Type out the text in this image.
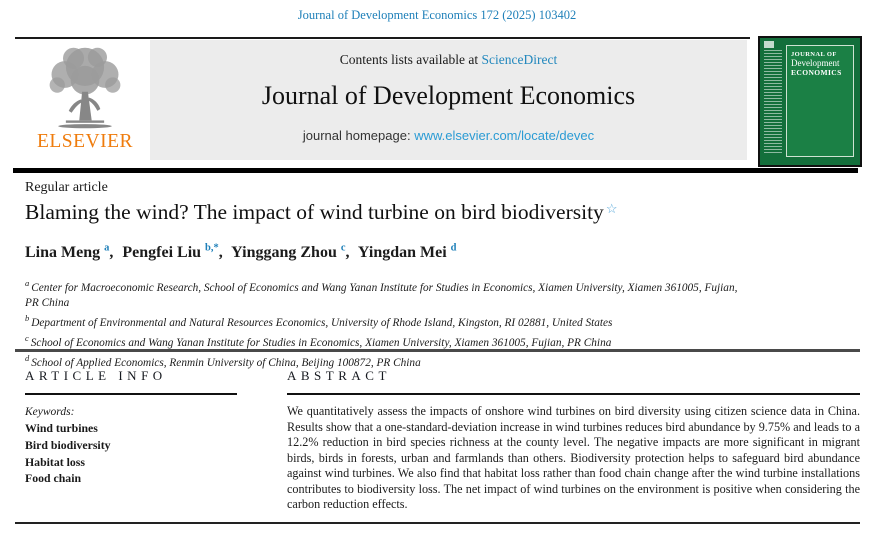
Journal of Development Economics 172 (2025) 103402
ELSEVIER
Contents lists available at ScienceDirect
Journal of Development Economics
journal homepage: www.elsevier.com/locate/devec
JOURNAL OF
Development
ECONOMICS
Regular article
Blaming the wind? The impact of wind turbine on bird biodiversity ☆
Lina Meng $^a$, Pengfei Liu $^{b,*}$, Yinggang Zhou $^c$, Yingdan Mei $^d$
$^a$ Center for Macroeconomic Research, School of Economics and Wang Yanan Institute for Studies in Economics, Xiamen University, Xiamen 361005, Fujian, PR China
$^b$ Department of Environmental and Natural Resources Economics, University of Rhode Island, Kingston, RI 02881, United States
$^c$ School of Economics and Wang Yanan Institute for Studies in Economics, Xiamen University, Xiamen 361005, Fujian, PR China
$^d$ School of Applied Economics, Renmin University of China, Beijing 100872, PR China
ARTICLE INFO
Keywords:
Wind turbines
Bird biodiversity
Habitat loss
Food chain
ABSTRACT
We quantitatively assess the impacts of onshore wind turbines on bird diversity using citizen science data in China. Results show that a one-standard-deviation increase in wind turbines reduces bird abundance by 9.75% and leads to a 12.2% reduction in bird species richness at the county level. The negative impacts are more significant in migrant birds, birds in forests, urban and farmlands than others. Biodiversity protection helps to safeguard bird abundance against wind turbines. We also find that habitat loss rather than food chain change after the wind turbine installations contributes to biodiversity loss. The net impact of wind turbines on the environment is positive when considering the carbon reduction effects.
